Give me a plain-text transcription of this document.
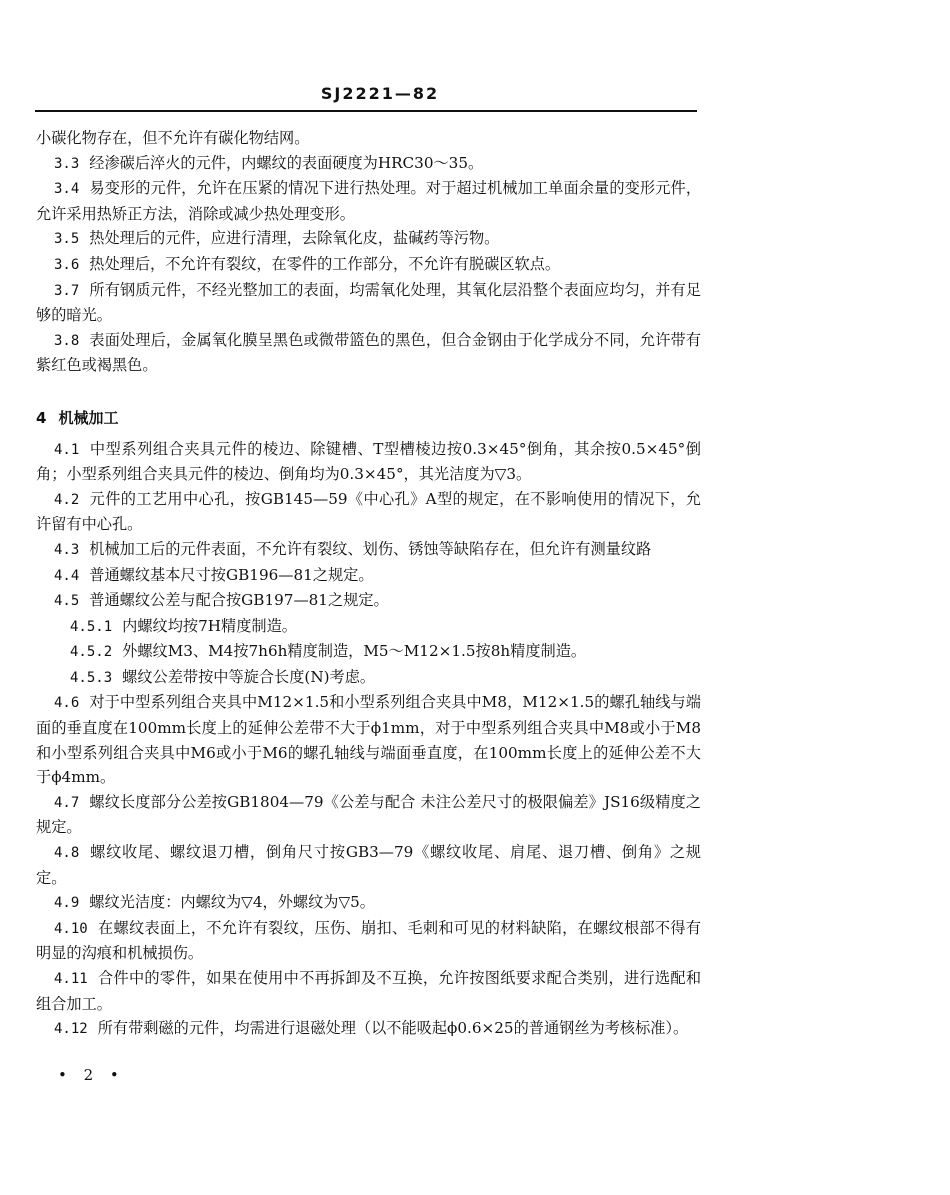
SJ2221—82

小碳化物存在，但不允许有碳化物结网。

3.3 经渗碳后淬火的元件，内螺纹的表面硬度为HRC30～35。

3.4 易变形的元件，允许在压紧的情况下进行热处理。对于超过机械加工单面余量的变形元件，允许采用热矫正方法，消除或减少热处理变形。

3.5 热处理后的元件，应进行清理，去除氧化皮，盐碱药等污物。

3.6 热处理后，不允许有裂纹，在零件的工作部分，不允许有脱碳区软点。

3.7 所有钢质元件，不经光整加工的表面，均需氧化处理，其氧化层沿整个表面应均匀，并有足够的暗光。

3.8 表面处理后，金属氧化膜呈黑色或微带篮色的黑色，但合金钢由于化学成分不同，允许带有紫红色或褐黑色。

4 机械加工

4.1 中型系列组合夹具元件的棱边、除键槽、T型槽棱边按0.3×45°倒角，其余按0.5×45°倒角；小型系列组合夹具元件的棱边、倒角均为0.3×45°，其光洁度为▽3。

4.2 元件的工艺用中心孔，按GB145—59《中心孔》A型的规定，在不影响使用的情况下，允许留有中心孔。

4.3 机械加工后的元件表面，不允许有裂纹、划伤、锈蚀等缺陷存在，但允许有测量纹路

4.4 普通螺纹基本尺寸按GB196—81之规定。

4.5 普通螺纹公差与配合按GB197—81之规定。

4.5.1 内螺纹均按7H精度制造。

4.5.2 外螺纹M3、M4按7h6h精度制造，M5～M12×1.5按8h精度制造。

4.5.3 螺纹公差带按中等旋合长度(N)考虑。

4.6 对于中型系列组合夹具中M12×1.5和小型系列组合夹具中M8，M12×1.5的螺孔轴线与端面的垂直度在100mm长度上的延伸公差带不大于ϕ1mm，对于中型系列组合夹具中M8或小于M8和小型系列组合夹具中M6或小于M6的螺孔轴线与端面垂直度，在100mm长度上的延伸公差不大于ϕ4mm。

4.7 螺纹长度部分公差按GB1804—79《公差与配合 未注公差尺寸的极限偏差》JS16级精度之规定。

4.8 螺纹收尾、螺纹退刀槽，倒角尺寸按GB3—79《螺纹收尾、肩尾、退刀槽、倒角》之规定。

4.9 螺纹光洁度：内螺纹为▽4，外螺纹为▽5。

4.10 在螺纹表面上，不允许有裂纹，压伤、崩扣、毛刺和可见的材料缺陷，在螺纹根部不得有明显的沟痕和机械损伤。

4.11 合件中的零件，如果在使用中不再拆卸及不互换，允许按图纸要求配合类别，进行选配和组合加工。

4.12 所有带剩磁的元件，均需进行退磁处理（以不能吸起ϕ0.6×25的普通钢丝为考核标准）。

• 2 •
